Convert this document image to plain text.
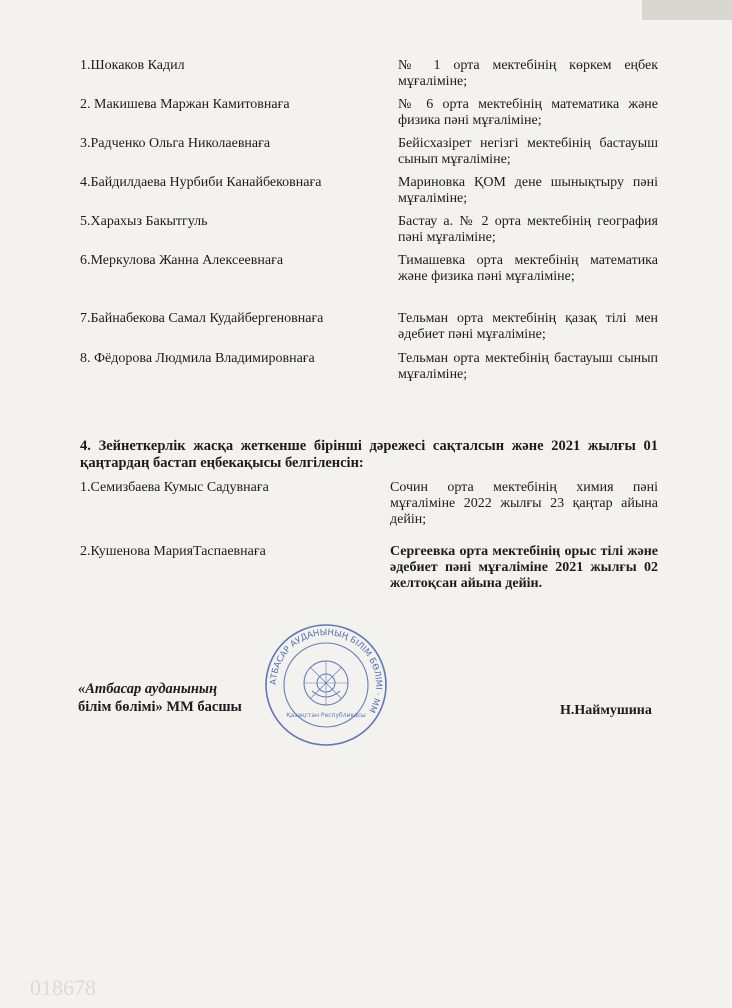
018678
1.Шокаков Кадил	№ 1 орта мектебінің көркем еңбек мұғаліміне;
2. Макишева Маржан Камитовнаға	№ 6 орта мектебінің математика және физика пәні мұғаліміне;
3.Радченко Ольга Николаевнаға	Бейісхазірет негізгі мектебінің бастауыш сынып мұғаліміне;
4.Байдилдаева Нурбиби Канайбековнаға	Мариновка ҚОМ дене шынықтыру пәні мұғаліміне;
5.Харахыз Бакытгуль	Бастау а. № 2 орта мектебінің география пәні мұғаліміне;
6.Меркулова Жанна Алексеевнаға	Тимашевка орта мектебінің математика және физика пәні мұғаліміне;
7.Байнабекова Самал Кудайбергеновнаға	Тельман орта мектебінің қазақ тілі мен әдебиет пәні мұғаліміне;
8. Фёдорова Людмила Владимировнаға	Тельман орта мектебінің бастауыш сынып мұғаліміне;
4. Зейнеткерлік жасқа жеткенше бірінші дәрежесі сақталсын және 2021 жылғы 01 қаңтардаң бастап еңбекақысы белгіленсін:
1.Семизбаева Кумыс Садувнаға	Сочин орта мектебінің химия пәні мұғаліміне 2022 жылғы 23 қаңтар айына дейін;
2.Кушенова МарияТаспаевнаға	Сергеевка орта мектебінің орыс тілі және әдебиет пәні мұғаліміне 2021 жылғы 02 желтоқсан айына дейін.
АТБАСАР АУДАНЫНЫҢ БІЛІМ БӨЛІМІ · ММ
Қазақстан Республикасы
«Атбасар ауданының
білім бөлімі» ММ басшы	Н.Наймушина
